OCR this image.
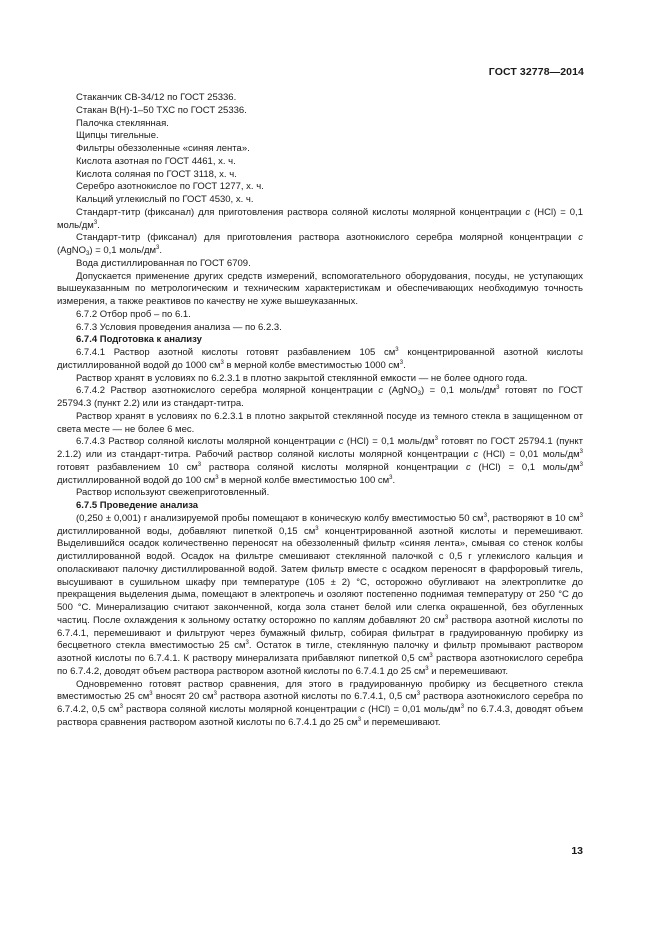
ГОСТ 32778—2014

Стаканчик СВ-34/12 по ГОСТ 25336.

Стакан В(Н)-1–50 ТХС по ГОСТ 25336.

Палочка стеклянная.

Щипцы тигельные.

Фильтры обеззоленные «синяя лента».

Кислота азотная по ГОСТ 4461, х. ч.

Кислота соляная по ГОСТ 3118, х. ч.

Серебро азотнокислое по ГОСТ 1277, х. ч.

Кальций углекислый по ГОСТ 4530, х. ч.

Стандарт-титр (фиксанал) для приготовления раствора соляной кислоты молярной концентрации с (HCl) = 0,1 моль/$дм^3$.

Стандарт-титр (фиксанал) для приготовления раствора азотнокислого серебра молярной концентрации с (AgNO$_3$) = 0,1 моль/$дм^3$.

Вода дистиллированная по ГОСТ 6709.

Допускается применение других средств измерений, вспомогательного оборудования, посуды, не уступающих вышеуказанным по метрологическим и техническим характеристикам и обеспечивающих необходимую точность измерения, а также реактивов по качеству не хуже вышеуказанных.

6.7.2 Отбор проб – по 6.1.

6.7.3 Условия проведения анализа — по 6.2.3.

6.7.4 Подготовка к анализу

6.7.4.1 Раствор азотной кислоты готовят разбавлением 105 $см^3$ концентрированной азотной кислоты дистиллированной водой до 1000 $см^3$ в мерной колбе вместимостью 1000 $см^3$.

Раствор хранят в условиях по 6.2.3.1 в плотно закрытой стеклянной емкости — не более одного года.

6.7.4.2 Раствор азотнокислого серебра молярной концентрации с (AgNO$_3$) = 0,1 моль/$дм^3$ готовят по ГОСТ 25794.3 (пункт 2.2) или из стандарт-титра.

Раствор хранят в условиях по 6.2.3.1 в плотно закрытой стеклянной посуде из темного стекла в защищенном от света месте — не более 6 мес.

6.7.4.3 Раствор соляной кислоты молярной концентрации с (HCl) = 0,1 моль/$дм^3$ готовят по ГОСТ 25794.1 (пункт 2.1.2) или из стандарт-титра. Рабочий раствор соляной кислоты молярной концентрации с (HCl) = 0,01 моль/$дм^3$ готовят разбавлением 10 $см^3$ раствора соляной кислоты молярной концентрации с (HCl) = 0,1 моль/$дм^3$ дистиллированной водой до 100 $см^3$ в мерной колбе вместимостью 100 $см^3$.

Раствор используют свежеприготовленный.

6.7.5 Проведение анализа

(0,250 ± 0,001) г анализируемой пробы помещают в коническую колбу вместимостью 50 $см^3$, растворяют в 10 $см^3$ дистиллированной воды, добавляют пипеткой 0,15 $см^3$ концентрированной азотной кислоты и перемешивают. Выделившийся осадок количественно переносят на обеззоленный фильтр «синяя лента», смывая со стенок колбы дистиллированной водой. Осадок на фильтре смешивают стеклянной палочкой с 0,5 г углекислого кальция и ополаскивают палочку дистиллированной водой. Затем фильтр вместе с осадком переносят в фарфоровый тигель, высушивают в сушильном шкафу при температуре (105 ± 2) °С, осторожно обугливают на электроплитке до прекращения выделения дыма, помещают в электропечь и озоляют постепенно поднимая температуру от 250 °С до 500 °С. Минерализацию считают законченной, когда зола станет белой или слегка окрашенной, без обугленных частиц. После охлаждения к зольному остатку осторожно по каплям добавляют 20 $см^3$ раствора азотной кислоты по 6.7.4.1, перемешивают и фильтруют через бумажный фильтр, собирая фильтрат в градуированную пробирку из бесцветного стекла вместимостью 25 $см^3$. Остаток в тигле, стеклянную палочку и фильтр промывают раствором азотной кислоты по 6.7.4.1. К раствору минерализата прибавляют пипеткой 0,5 $см^3$ раствора азотнокислого серебра по 6.7.4.2, доводят объем раствора раствором азотной кислоты по 6.7.4.1 до 25 $см^3$ и перемешивают.

Одновременно готовят раствор сравнения, для этого в градуированную пробирку из бесцветного стекла вместимостью 25 $см^3$ вносят 20 $см^3$ раствора азотной кислоты по 6.7.4.1, 0,5 $см^3$ раствора азотнокислого серебра по 6.7.4.2, 0,5 $см^3$ раствора соляной кислоты молярной концентрации с (HCl) = 0,01 моль/$дм^3$ по 6.7.4.3, доводят объем раствора сравнения раствором азотной кислоты по 6.7.4.1 до 25 $см^3$ и перемешивают.

13
